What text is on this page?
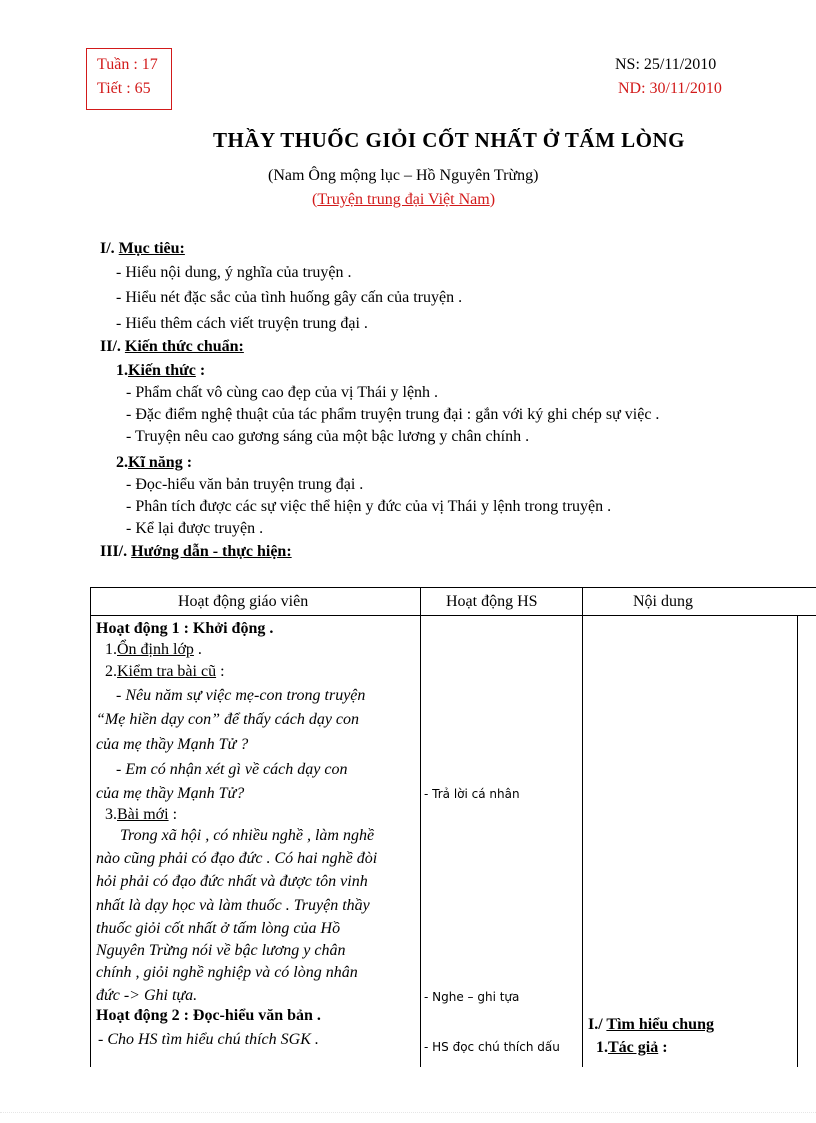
Tuần : 17
Tiết : 65
NS: 25/11/2010
ND: 30/11/2010
THẦY THUỐC GIỎI CỐT NHẤT Ở TẤM LÒNG
(Nam Ông mộng lục – Hồ Nguyên Trừng)
(Truyện trung đại Việt Nam)
I/. Mục tiêu:
- Hiểu nội dung, ý nghĩa của truyện .
- Hiểu nét đặc sắc của tình huống gây cấn của truyện .
- Hiểu thêm cách viết truyện trung đại .
II/. Kiến thức chuẩn:
1.Kiến thức :
- Phẩm chất vô cùng cao đẹp của vị Thái y lệnh .
- Đặc điểm nghệ thuật của tác phẩm truyện trung đại : gắn với ký ghi chép sự việc .
- Truyện nêu cao gương sáng của một bậc lương y chân chính .
2.Kĩ năng :
- Đọc-hiểu văn bản truyện trung đại .
- Phân tích được các sự việc thể hiện y đức của vị Thái y lệnh trong truyện .
- Kể lại được truyện .
III/. Hướng dẫn - thực hiện:
Hoạt động giáo viên	Hoạt động HS	Nội dung
Hoạt động 1 : Khởi động .
1.Ổn định lớp .
2.Kiểm tra bài cũ :
- Nêu năm sự việc mẹ-con trong truyện
“Mẹ hiền dạy con” để thấy cách dạy con
của mẹ thầy Mạnh Tử ?
- Em có nhận xét gì về cách dạy con
của mẹ thầy Mạnh Tử?
3.Bài mới :
Trong xã hội , có nhiều nghề , làm nghề
nào cũng phải có đạo đức . Có hai nghề đòi
hỏi phải có đạo đức nhất và được tôn vinh
nhất là dạy học và làm thuốc . Truyện thầy
thuốc giỏi cốt nhất ở tấm lòng của Hồ
Nguyên Trừng nói về bậc lương y chân
chính , giỏi nghề nghiệp và có lòng nhân
đức -> Ghi tựa.
Hoạt động 2 : Đọc-hiểu văn bản .
- Cho HS tìm hiểu chú thích SGK .
- Trả lời cá nhân
- Nghe – ghi tựa
- HS đọc chú thích dấu
I./ Tìm hiểu chung
1.Tác giả :
